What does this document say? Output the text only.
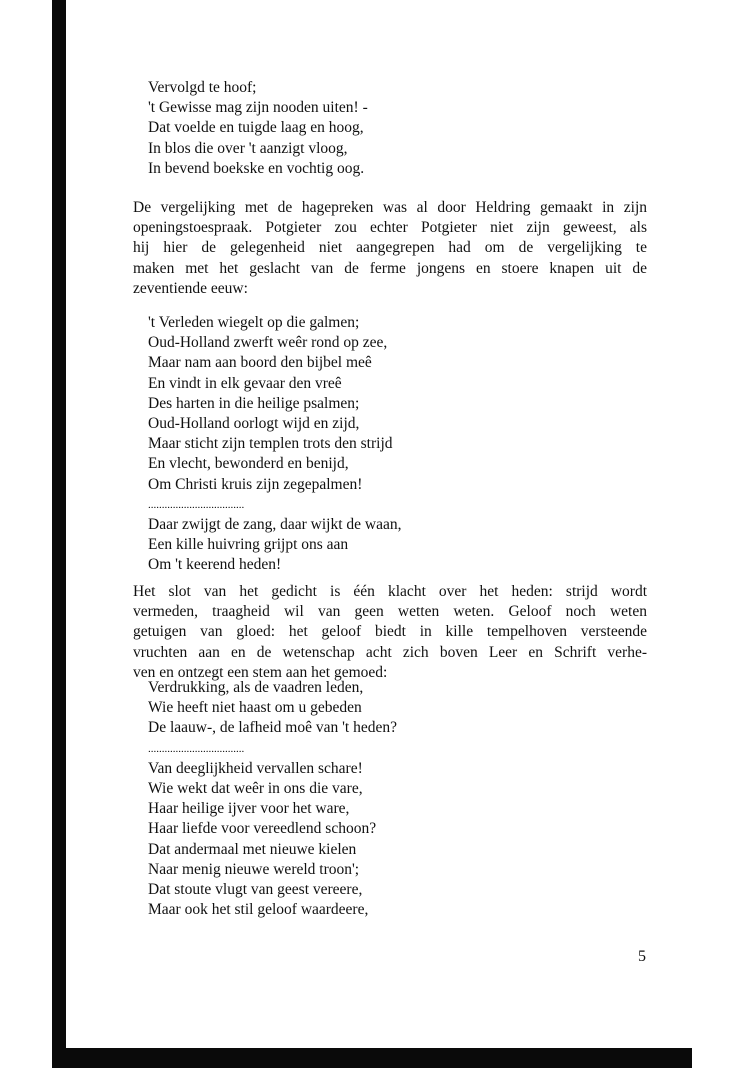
Vervolgd te hoof;
't Gewisse mag zijn nooden uiten! -
Dat voelde en tuigde laag en hoog,
In blos die over 't aanzigt vloog,
In bevend boekske en vochtig oog.
De vergelijking met de hagepreken was al door Heldring gemaakt in zijn
openingstoespraak. Potgieter zou echter Potgieter niet zijn geweest, als
hij hier de gelegenheid niet aangegrepen had om de vergelijking te
maken met het geslacht van de ferme jongens en stoere knapen uit de
zeventiende eeuw:
't Verleden wiegelt op die galmen;
Oud-Holland zwerft weêr rond op zee,
Maar nam aan boord den bijbel meê
En vindt in elk gevaar den vreê
Des harten in die heilige psalmen;
Oud-Holland oorlogt wijd en zijd,
Maar sticht zijn templen trots den strijd
En vlecht, bewonderd en benijd,
Om Christi kruis zijn zegepalmen!
...................................
Daar zwijgt de zang, daar wijkt de waan,
Een kille huivring grijpt ons aan
Om 't keerend heden!
Het slot van het gedicht is één klacht over het heden: strijd wordt
vermeden, traagheid wil van geen wetten weten. Geloof noch weten
getuigen van gloed: het geloof biedt in kille tempelhoven versteende
vruchten aan en de wetenschap acht zich boven Leer en Schrift verhe-
ven en ontzegt een stem aan het gemoed:
Verdrukking, als de vaadren leden,
Wie heeft niet haast om u gebeden
De laauw-, de lafheid moê van 't heden?
...................................
Van deeglijkheid vervallen schare!
Wie wekt dat weêr in ons die vare,
Haar heilige ijver voor het ware,
Haar liefde voor vereedlend schoon?
Dat andermaal met nieuwe kielen
Naar menig nieuwe wereld troon';
Dat stoute vlugt van geest vereere,
Maar ook het stil geloof waardeere,
5
